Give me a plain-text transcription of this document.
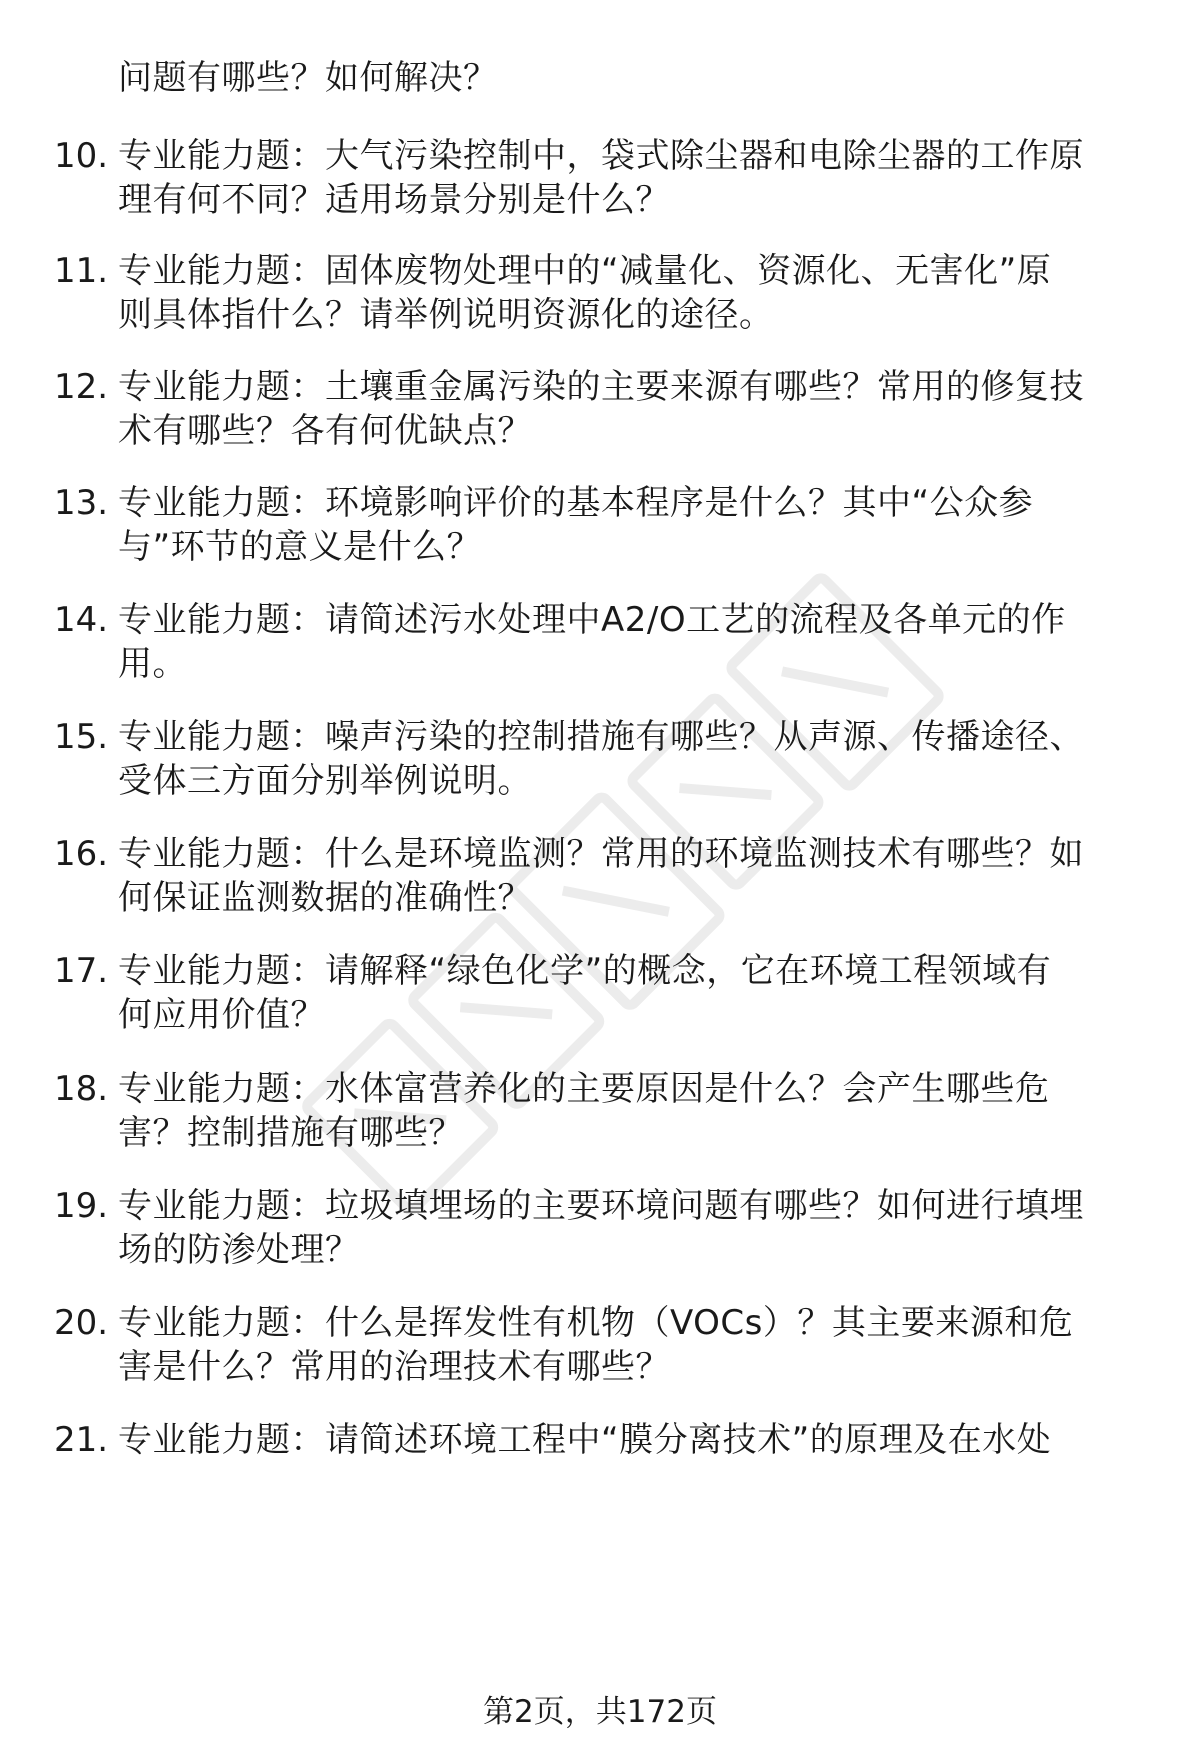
问题有哪些？如何解决？
10. 专业能力题：大气污染控制中，袋式除尘器和电除尘器的工作原
理有何不同？适用场景分别是什么？
11. 专业能力题：固体废物处理中的“减量化、资源化、无害化”原
则具体指什么？请举例说明资源化的途径。
12. 专业能力题：土壤重金属污染的主要来源有哪些？常用的修复技
术有哪些？各有何优缺点？
13. 专业能力题：环境影响评价的基本程序是什么？其中“公众参
与”环节的意义是什么？
14. 专业能力题：请简述污水处理中A2/O工艺的流程及各单元的作
用。
15. 专业能力题：噪声污染的控制措施有哪些？从声源、传播途径、
受体三方面分别举例说明。
16. 专业能力题：什么是环境监测？常用的环境监测技术有哪些？如
何保证监测数据的准确性？
17. 专业能力题：请解释“绿色化学”的概念，它在环境工程领域有
何应用价值？
18. 专业能力题：水体富营养化的主要原因是什么？会产生哪些危
害？控制措施有哪些？
19. 专业能力题：垃圾填埋场的主要环境问题有哪些？如何进行填埋
场的防渗处理？
20. 专业能力题：什么是挥发性有机物（VOCs）？其主要来源和危
害是什么？常用的治理技术有哪些？
21. 专业能力题：请简述环境工程中“膜分离技术”的原理及在水处
第2页，共172页
